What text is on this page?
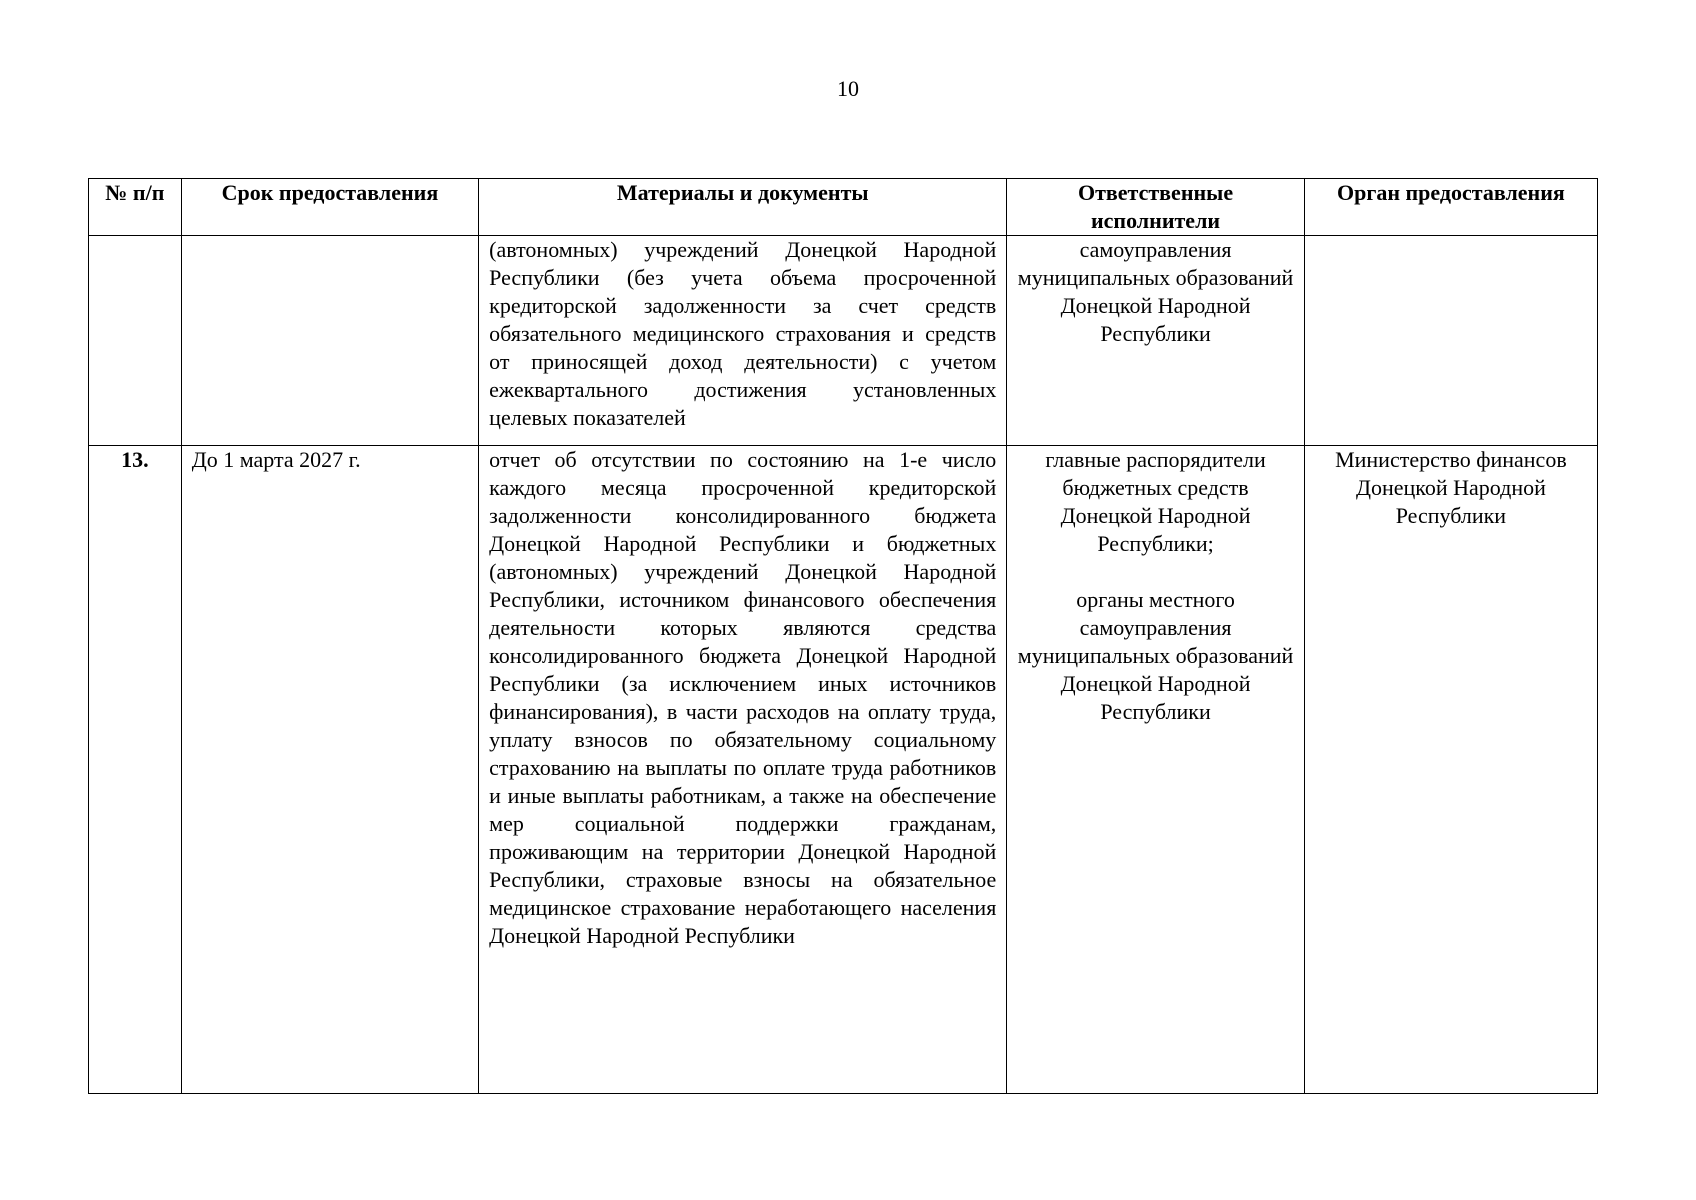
10
№ п/п	Срок предоставления	Материалы и документы	Ответственные исполнители	Орган предоставления

		(автономных) учреждений Донецкой Народной Республики (без учета объема просроченной кредиторской задолженности за счет средств обязательного медицинского страхования и средств от приносящей доход деятельности) с учетом ежеквартального достижения установленных целевых показателей	самоуправления муниципальных образований Донецкой Народной Республики	
13.	До 1 марта 2027 г.	отчет об отсутствии по состоянию на 1-е число каждого месяца просроченной кредиторской задолженности консолидированного бюджета Донецкой Народной Республики и бюджетных (автономных) учреждений Донецкой Народной Республики, источником финансового обеспечения деятельности которых являются средства консолидированного бюджета Донецкой Народной Республики (за исключением иных источников финансирования), в части расходов на оплату труда, уплату взносов по обязательному социальному страхованию на выплаты по оплате труда работников и иные выплаты работникам, а также на обеспечение мер социальной поддержки гражданам, проживающим на территории Донецкой Народной Республики, страховые взносы на обязательное медицинское страхование неработающего населения Донецкой Народной Республики	главные распорядители бюджетных средств Донецкой Народной Республики;
органы местного самоуправления муниципальных образований Донецкой Народной Республики	Министерство финансов Донецкой Народной Республики
